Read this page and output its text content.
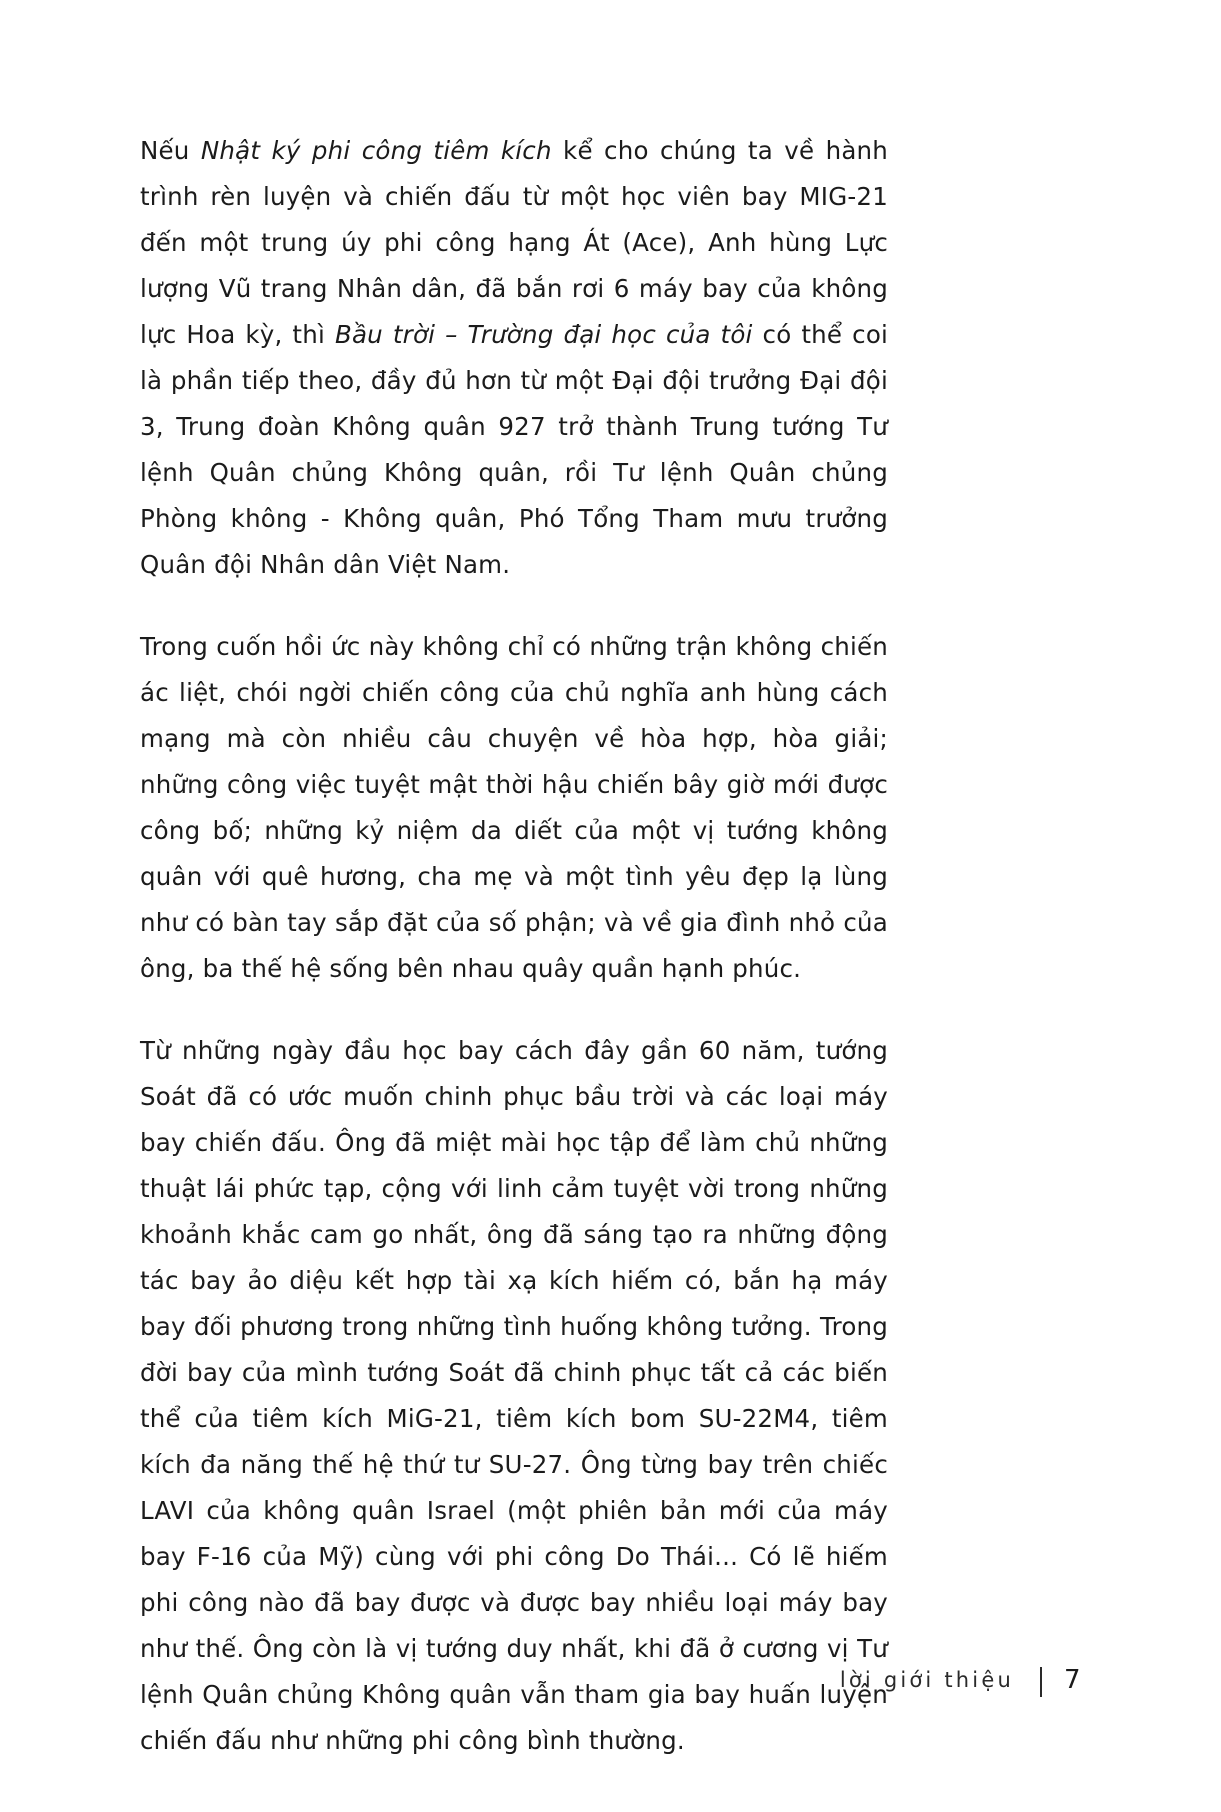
Nếu Nhật ký phi công tiêm kích kể cho chúng ta về hành trình rèn luyện và chiến đấu từ một học viên bay MIG-21 đến một trung úy phi công hạng Át (Ace), Anh hùng Lực lượng Vũ trang Nhân dân, đã bắn rơi 6 máy bay của không lực Hoa kỳ, thì Bầu trời – Trường đại học của tôi có thể coi là phần tiếp theo, đầy đủ hơn từ một Đại đội trưởng Đại đội 3, Trung đoàn Không quân 927 trở thành Trung tướng Tư lệnh Quân chủng Không quân, rồi Tư lệnh Quân chủng Phòng không - Không quân, Phó Tổng Tham mưu trưởng Quân đội Nhân dân Việt Nam.

Trong cuốn hồi ức này không chỉ có những trận không chiến ác liệt, chói ngời chiến công của chủ nghĩa anh hùng cách mạng mà còn nhiều câu chuyện về hòa hợp, hòa giải; những công việc tuyệt mật thời hậu chiến bây giờ mới được công bố; những kỷ niệm da diết của một vị tướng không quân với quê hương, cha mẹ và một tình yêu đẹp lạ lùng như có bàn tay sắp đặt của số phận; và về gia đình nhỏ của ông, ba thế hệ sống bên nhau quây quần hạnh phúc.

Từ những ngày đầu học bay cách đây gần 60 năm, tướng Soát đã có ước muốn chinh phục bầu trời và các loại máy bay chiến đấu. Ông đã miệt mài học tập để làm chủ những thuật lái phức tạp, cộng với linh cảm tuyệt vời trong những khoảnh khắc cam go nhất, ông đã sáng tạo ra những động tác bay ảo diệu kết hợp tài xạ kích hiếm có, bắn hạ máy bay đối phương trong những tình huống không tưởng. Trong đời bay của mình tướng Soát đã chinh phục tất cả các biến thể của tiêm kích MiG-21, tiêm kích bom SU-22M4, tiêm kích đa năng thế hệ thứ tư SU-27. Ông từng bay trên chiếc LAVI của không quân Israel (một phiên bản mới của máy bay F-16 của Mỹ) cùng với phi công Do Thái... Có lẽ hiếm phi công nào đã bay được và được bay nhiều loại máy bay như thế. Ông còn là vị tướng duy nhất, khi đã ở cương vị Tư lệnh Quân chủng Không quân vẫn tham gia bay huấn luyện chiến đấu như những phi công bình thường.

lời giới thiệu 7
